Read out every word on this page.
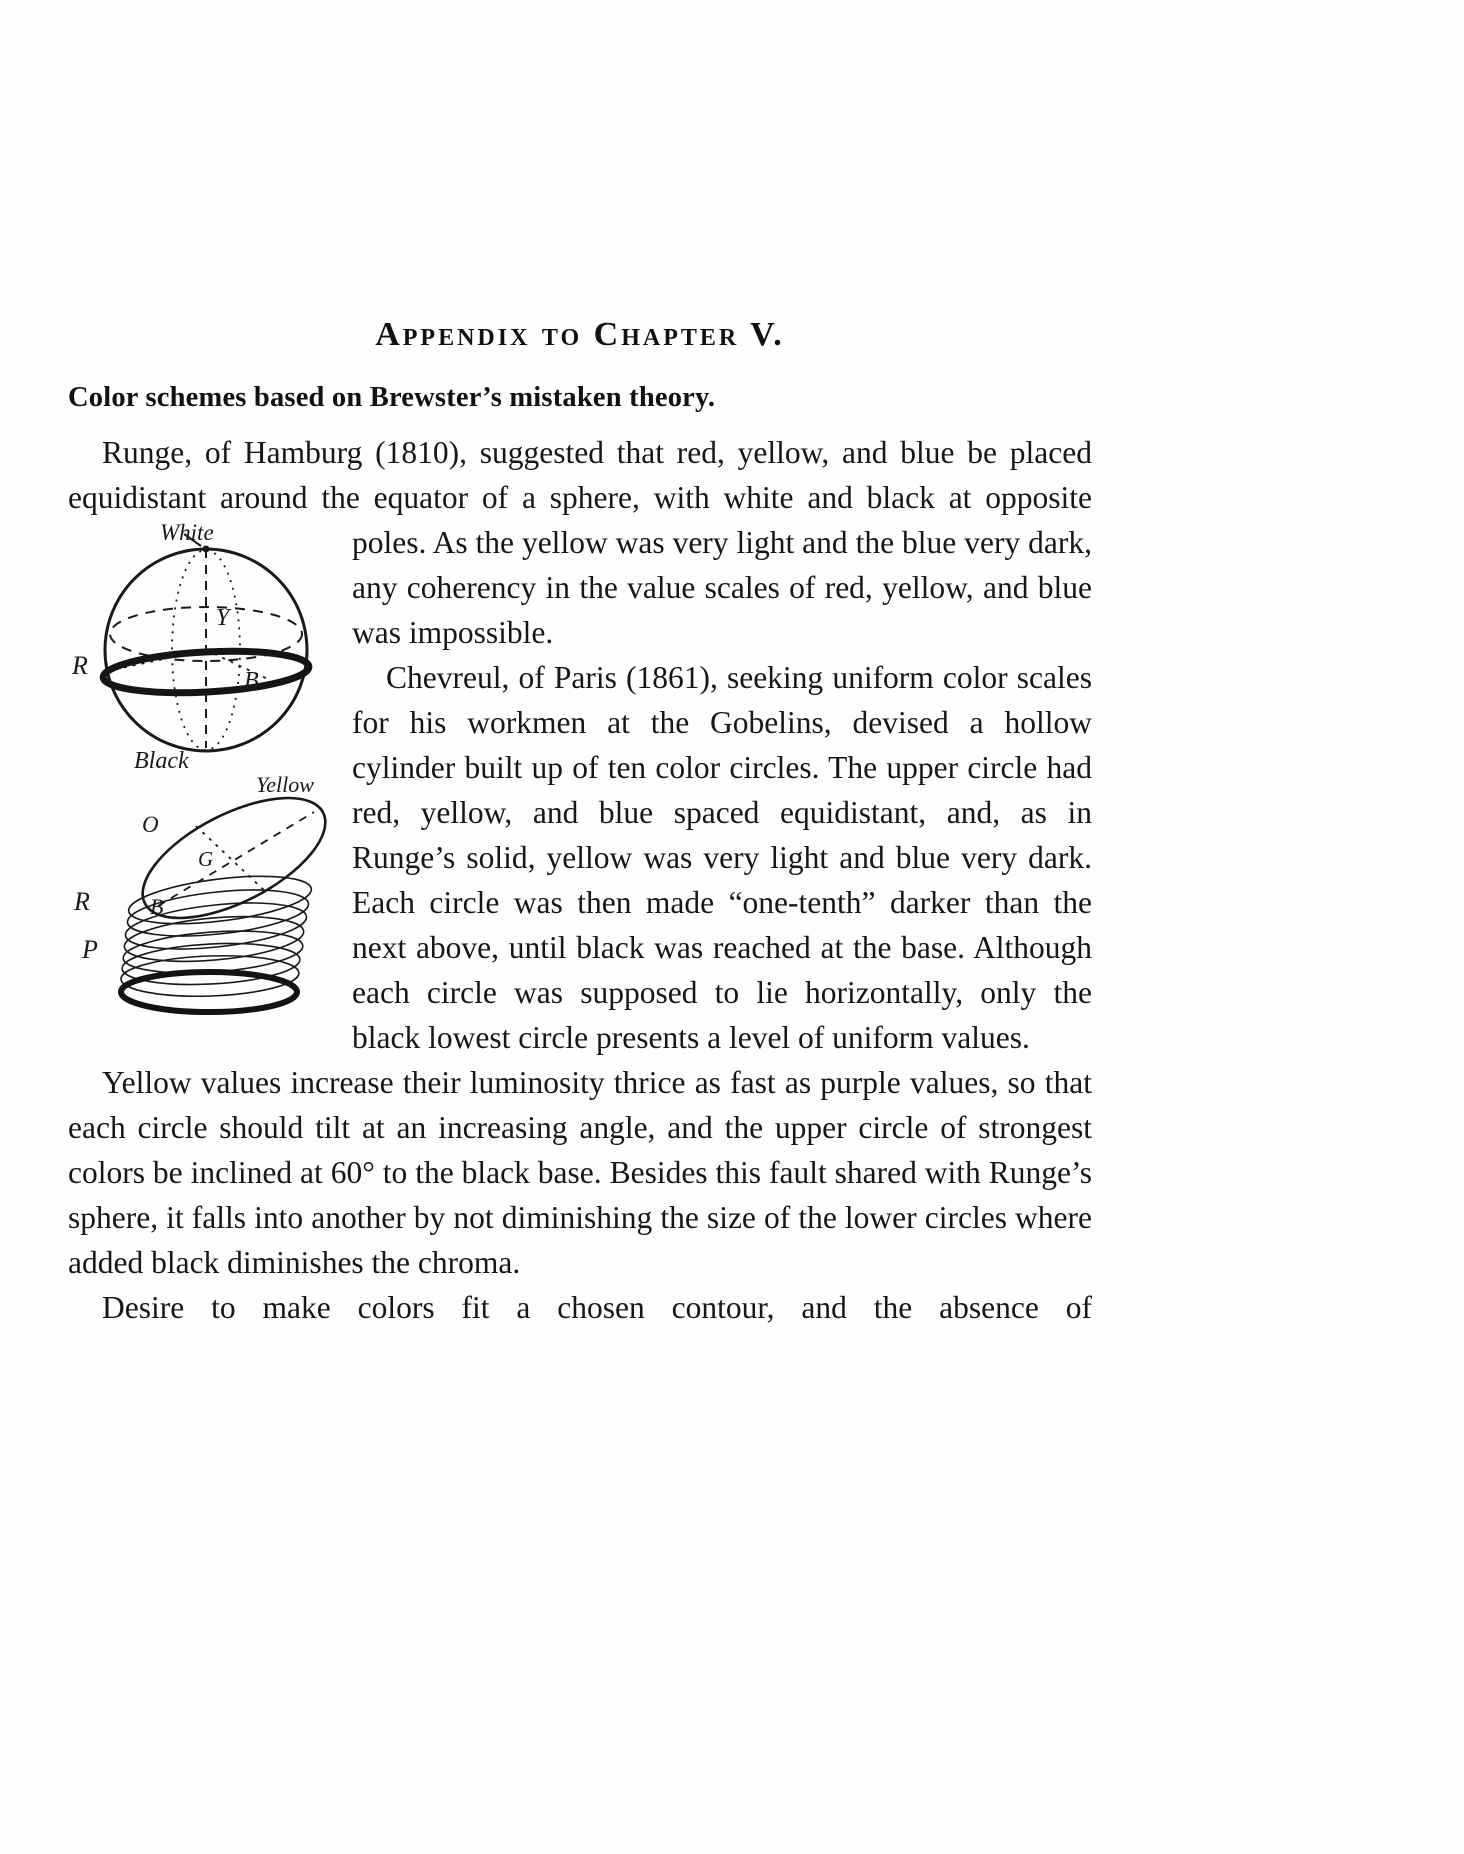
Appendix to Chapter V.
Color schemes based on Brewster’s mistaken theory.

White
Y
R
B
Black
Yellow
O
G
R	B
P
Runge, of Hamburg (1810), suggested that red, yellow, and blue be placed equidistant around the equator of a sphere, with white and black at opposite poles. As the yellow was very light and the blue very dark, any coherency in the value scales of red, yellow, and blue was impossible.

Chevreul, of Paris (1861), seeking uniform color scales for his workmen at the Gobelins, devised a hollow cylinder built up of ten color circles. The upper circle had red, yellow, and blue spaced equidistant, and, as in Runge’s solid, yellow was very light and blue very dark. Each circle was then made “one-tenth” darker than the next above, until black was reached at the base. Although each circle was supposed to lie horizontally, only the black lowest circle presents a level of uniform values.

Yellow values increase their luminosity thrice as fast as purple values, so that each circle should tilt at an increasing angle, and the upper circle of strongest colors be inclined at 60° to the black base. Besides this fault shared with Runge’s sphere, it falls into another by not diminishing the size of the lower circles where added black diminishes the chroma.

Desire to make colors fit a chosen contour, and the absence of
